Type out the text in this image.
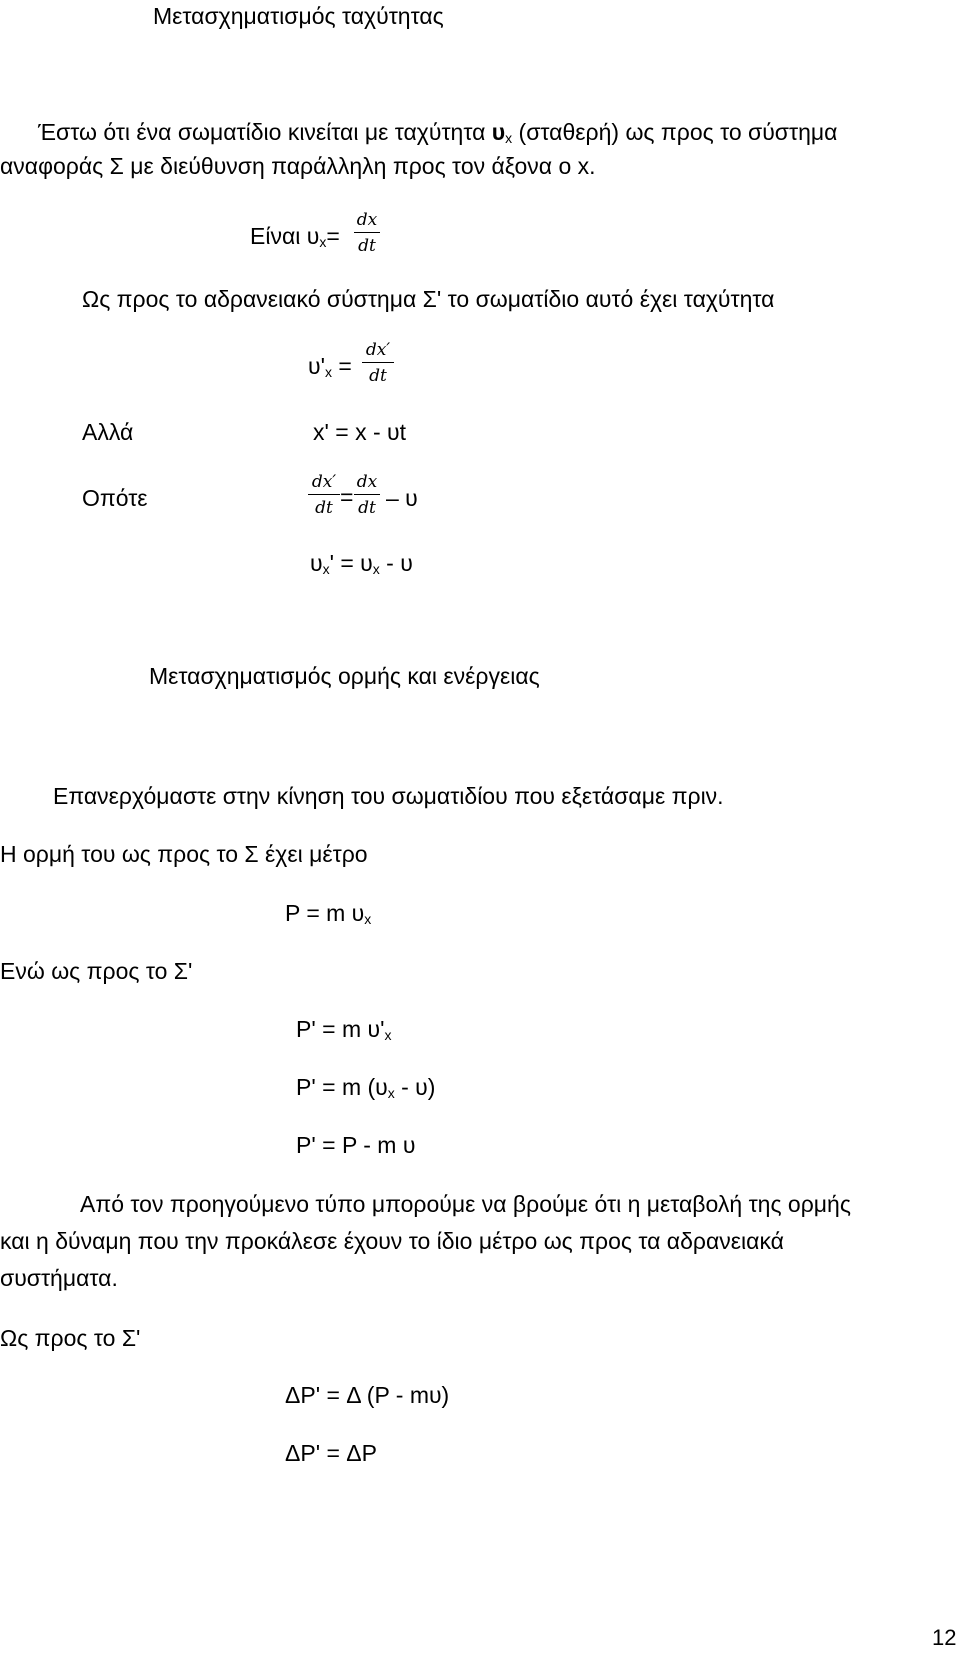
Μετασχηματισμός ταχύτητας
Έστω ότι ένα σωματίδιο κινείται με ταχύτητα $\upsilon_x$ (σταθερή) ως προς το σύστημα
αναφοράς Σ με διεύθυνση παράλληλη προς τον άξονα ο x.
Είναι $\upsilon_x=$
dx
dt
Ως προς το αδρανειακό σύστημα Σ' το σωματίδιο αυτό έχει ταχύτητα
$\upsilon'_x$ =
dx′
dt
Αλλά	x' = x - υt
Οπότε
dx′
dt =
dx
dt – υ
$\upsilon_x' = \upsilon_x - \upsilon$
Μετασχηματισμός ορμής και ενέργειας
Επανερχόμαστε στην κίνηση του σωματιδίου που εξετάσαμε πριν.
Η ορμή του ως προς το Σ έχει μέτρο
P = m $\upsilon_x$
Ενώ ως προς το Σ'
P' = m $\upsilon'_x$
P' = m $(\upsilon_x - \upsilon)$
P' = P - m υ
Από τον προηγούμενο τύπο μπορούμε να βρούμε ότι η μεταβολή της ορμής
και η δύναμη που την προκάλεσε έχουν το ίδιο μέτρο ως προς τα αδρανειακά
συστήματα.
Ως προς το Σ'
ΔP' = Δ (P - mυ)
ΔP' = ΔP
12
